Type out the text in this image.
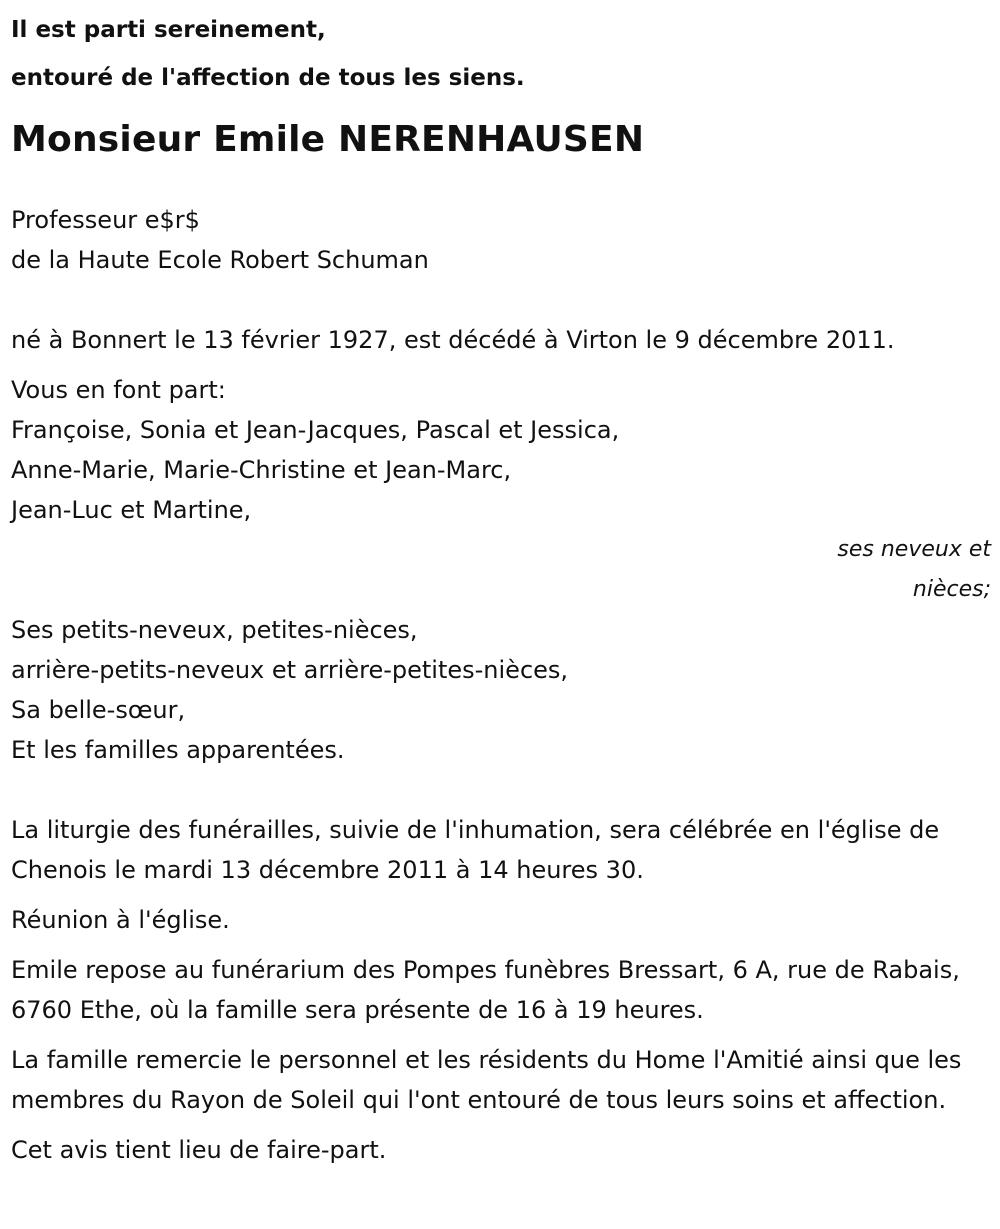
Il est parti sereinement,

entouré de l'affection de tous les siens.

Monsieur Emile NERENHAUSEN

Professeur e$r$

de la Haute Ecole Robert Schuman

né à Bonnert le 13 février 1927, est décédé à Virton le 9 décembre 2011.

Vous en font part:

Françoise, Sonia et Jean-Jacques, Pascal et Jessica,

Anne-Marie, Marie-Christine et Jean-Marc,

Jean-Luc et Martine,

ses neveux et nièces;

Ses petits-neveux, petites-nièces,

arrière-petits-neveux et arrière-petites-nièces,

Sa belle-sœur,

Et les familles apparentées.

La liturgie des funérailles, suivie de l'inhumation, sera célébrée en l'église de Chenois le mardi 13 décembre 2011 à 14 heures 30.

Réunion à l'église.

Emile repose au funérarium des Pompes funèbres Bressart, 6 A, rue de Rabais, 6760 Ethe, où la famille sera présente de 16 à 19 heures.

La famille remercie le personnel et les résidents du Home l'Amitié ainsi que les membres du Rayon de Soleil qui l'ont entouré de tous leurs soins et affection.

Cet avis tient lieu de faire-part.
